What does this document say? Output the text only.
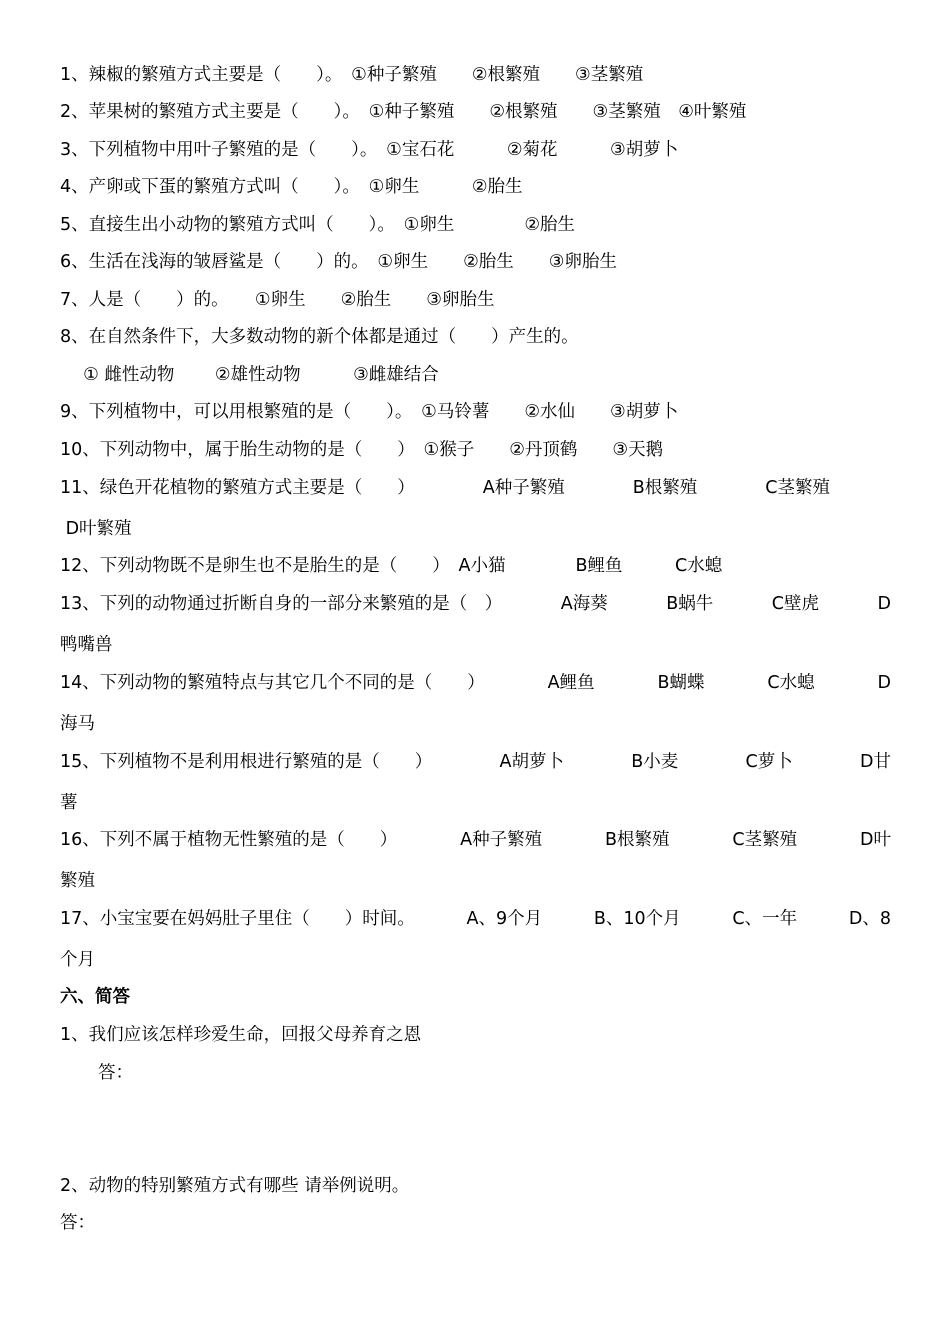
1、辣椒的繁殖方式主要是（　　）。　①种子繁殖　　②根繁殖　　③茎繁殖
2、苹果树的繁殖方式主要是（　　）。　①种子繁殖　　②根繁殖　　③茎繁殖　④叶繁殖
3、下列植物中用叶子繁殖的是（　　）。　①宝石花　　　②菊花　　　③胡萝卜
4、产卵或下蛋的繁殖方式叫（　　）。　①卵生　　　②胎生
5、直接生出小动物的繁殖方式叫（　　）。　①卵生　　　　②胎生
6、生活在浅海的皱唇鲨是（　　）的。　①卵生　　②胎生　　③卵胎生
7、人是（　　）的。　　①卵生　　②胎生　　③卵胎生
8、在自然条件下，大多数动物的新个体都是通过（　　）产生的。
　 ① 雌性动物　　 ②雄性动物　　　③雌雄结合
9、下列植物中，可以用根繁殖的是（　　）。　①马铃薯　　②水仙　　③胡萝卜
10、下列动物中，属于胎生动物的是（　　）　①猴子　　②丹顶鹤　　③天鹅
11、绿色开花植物的繁殖方式主要是（　　）	A种子繁殖	B根繁殖	C茎繁殖
D叶繁殖
12、下列动物既不是卵生也不是胎生的是（　　）　A小猫　　　　B鲤鱼　　　C水螅
13、下列的动物通过折断自身的一部分来繁殖的是（　）	A海葵	B蜗牛	C壁虎	D
鸭嘴兽
14、下列动物的繁殖特点与其它几个不同的是（　　）	A鲤鱼	B蝴蝶	C水螅	D
海马
15、下列植物不是利用根进行繁殖的是（　　）	A胡萝卜	B小麦	C萝卜	D甘
薯
16、下列不属于植物无性繁殖的是（　　）	A种子繁殖	B根繁殖	C茎繁殖	D叶
繁殖
17、小宝宝要在妈妈肚子里住（　　）时间。	A、9个月	B、10个月	C、一年	D、8
个月
六、简答
1、我们应该怎样珍爱生命，回报父母养育之恩
答：
2、动物的特别繁殖方式有哪些 请举例说明。
答：
